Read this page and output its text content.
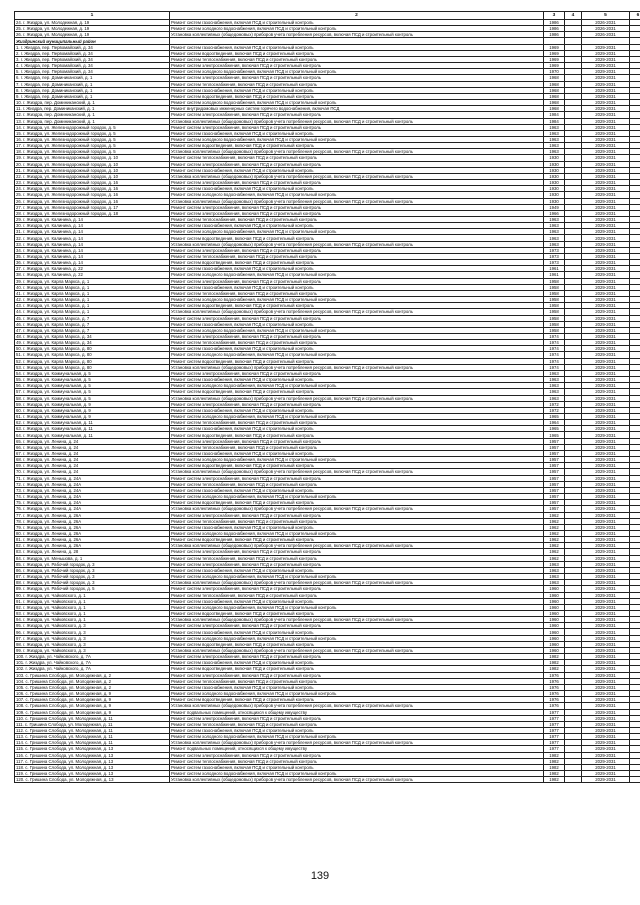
1	2	3	4	5	6
24. г. Жиздра, ул. Молодежная, д. 19	Ремонт систем газоснабжения, включая ПСД и строительный контроль	1986		2026-2031	
25. г. Жиздра, ул. Молодежная, д. 19	Ремонт систем холодного водоснабжения, включая ПСД и строительный контроль	1986		2026-2031	
26. г. Жиздра, ул. Молодежная, д. 19	Установка коллективных (общедомовых) приборов учета потребления ресурсов, включая ПСД и строительный контроль	1986		2026-2031	
Жиздринский муниципальный район					
1. г. Жиздра, пер. Первомайский, д. 34	Ремонт систем газоснабжения, включая ПСД и строительный контроль	1969		2029-2031	
2. г. Жиздра, пер. Первомайский, д. 34	Ремонт систем водоотведения, включая ПСД и строительный контроль	1969		2029-2031	
3. г. Жиздра, пер. Первомайский, д. 34	Ремонт систем теплоснабжения, включая ПСД и строительный контроль	1969		2029-2031	
4. г. Жиздра, пер. Первомайский, д. 34	Ремонт систем электроснабжения, включая ПСД и строительный контроль	1969		2029-2031	
5. г. Жиздра, пер. Первомайский, д. 34	Ремонт систем холодного водоснабжения, включая ПСД и строительный контроль	1970		2029-2031	
6. г. Жиздра, пер. Доминиканский, д. 1	Ремонт систем электроснабжения, включая ПСД и строительный контроль	1968		2029-2031	
7. г. Жиздра, пер. Доминиканский, д. 1	Ремонт систем теплоснабжения, включая ПСД и строительный контроль	1968		2029-2031	
8. г. Жиздра, пер. Доминиканский, д. 1	Ремонт систем газоснабжения, включая ПСД и строительный контроль	1968		2029-2031	
9. г. Жиздра, пер. Доминиканский, д. 1	Ремонт систем водоотведения, включая ПСД и строительный контроль	1968		2029-2031	
10. г. Жиздра, пер. Доминиканский, д. 1	Ремонт систем холодного водоснабжения, включая ПСД и строительный контроль	1968		2029-2031	
11. г. Жиздра, пер. Доминиканский, д. 1	Ремонт внутридомовых инженерных систем горячего водоснабжения, включая ПСД	1968		2029-2031	
12. г. Жиздра, пер. Доминиканский, д. 1	Ремонт систем электроснабжения, включая ПСД и строительный контроль	1984		2029-2031	
13. г. Жиздра, пер. Доминиканский, д. 1	Установка коллективных (общедомовых) приборов учета потребления ресурсов, включая ПСД и строительный контроль	1984		2029-2031	
14. г. Жиздра, ул. Железнодорожный городок, д. 5	Ремонт систем электроснабжения, включая ПСД и строительный контроль	1963		2029-2031	
15. г. Жиздра, ул. Железнодорожный городок, д. 5	Ремонт систем газоснабжения, включая ПСД и строительный контроль	1963		2029-2031	
16. г. Жиздра, ул. Железнодорожный городок, д. 5	Ремонт систем холодного водоснабжения, включая ПСД и строительный контроль	1963		2029-2031	
17. г. Жиздра, ул. Железнодорожный городок, д. 5	Ремонт систем водоотведения, включая ПСД и строительный контроль	1963		2029-2031	
18. г. Жиздра, ул. Железнодорожный городок, д. 5	Установка коллективных (общедомовых) приборов учета потребления ресурсов, включая ПСД и строительный контроль	1963		2029-2031	
19. г. Жиздра, ул. Железнодорожный городок, д. 10	Ремонт систем теплоснабжения, включая ПСД и строительный контроль	1930		2029-2031	
20. г. Жиздра, ул. Железнодорожный городок, д. 10	Ремонт систем электроснабжения, включая ПСД и строительный контроль	1930		2029-2031	
21. г. Жиздра, ул. Железнодорожный городок, д. 10	Ремонт систем газоснабжения, включая ПСД и строительный контроль	1930		2029-2031	
22. г. Жиздра, ул. Железнодорожный городок, д. 10	Установка коллективных (общедомовых) приборов учета потребления ресурсов, включая ПСД и строительный контроль	1930		2029-2031	
23. г. Жиздра, ул. Железнодорожный городок, д. 16	Ремонт систем электроснабжения, включая ПСД и строительный контроль	1930		2029-2031	
24. г. Жиздра, ул. Железнодорожный городок, д. 16	Ремонт систем газоснабжения, включая ПСД и строительный контроль	1930		2029-2031	
25. г. Жиздра, ул. Железнодорожный городок, д. 16	Ремонт систем холодного водоснабжения, включая ПСД и строительный контроль	1930		2029-2031	
26. г. Жиздра, ул. Железнодорожный городок, д. 16	Установка коллективных (общедомовых) приборов учета потребления ресурсов, включая ПСД и строительный контроль	1930		2029-2031	
27. г. Жиздра, ул. Железнодорожный городок, д. 17	Ремонт систем электроснабжения, включая ПСД и строительный контроль	1949		2029-2031	
28. г. Жиздра, ул. Железнодорожный городок, д. 18	Ремонт систем электроснабжения, включая ПСД и строительный контроль	1966		2029-2031	
29. г. Жиздра, ул. Калинина, д. 14	Ремонт систем теплоснабжения, включая ПСД и строительный контроль	1963		2029-2031	
30. г. Жиздра, ул. Калинина, д. 14	Ремонт систем газоснабжения, включая ПСД и строительный контроль	1963		2029-2031	
31. г. Жиздра, ул. Калинина, д. 14	Ремонт систем холодного водоснабжения, включая ПСД и строительный контроль	1963		2029-2031	
32. г. Жиздра, ул. Калинина, д. 14	Ремонт систем водоотведения, включая ПСД и строительный контроль	1963		2029-2031	
33. г. Жиздра, ул. Калинина, д. 14	Установка коллективных (общедомовых) приборов учета потребления ресурсов, включая ПСД и строительный контроль	1963		2029-2031	
34. г. Жиздра, ул. Калинина, д. 14	Ремонт систем электроснабжения, включая ПСД и строительный контроль	1973		2029-2031	
35. г. Жиздра, ул. Калинина, д. 14	Ремонт систем теплоснабжения, включая ПСД и строительный контроль	1973		2029-2031	
36. г. Жиздра, ул. Калинина, д. 14	Ремонт систем водоотведения, включая ПСД и строительный контроль	1973		2029-2031	
37. г. Жиздра, ул. Калинина, д. 22	Ремонт систем газоснабжения, включая ПСД и строительный контроль	1961		2029-2031	
38. г. Жиздра, ул. Калинина, д. 22	Ремонт систем холодного водоснабжения, включая ПСД и строительный контроль	1961		2029-2031	
39. г. Жиздра, ул. Карла Маркса, д. 1	Ремонт систем электроснабжения, включая ПСД и строительный контроль	1958		2029-2031	
40. г. Жиздра, ул. Карла Маркса, д. 1	Ремонт систем газоснабжения, включая ПСД и строительный контроль	1958		2029-2031	
41. г. Жиздра, ул. Карла Маркса, д. 1	Ремонт систем теплоснабжения, включая ПСД и строительный контроль	1958		2029-2031	
42. г. Жиздра, ул. Карла Маркса, д. 1	Ремонт систем холодного водоснабжения, включая ПСД и строительный контроль	1958		2029-2031	
43. г. Жиздра, ул. Карла Маркса, д. 1	Ремонт систем водоотведения, включая ПСД и строительный контроль	1958		2029-2031	
44. г. Жиздра, ул. Карла Маркса, д. 1	Установка коллективных (общедомовых) приборов учета потребления ресурсов, включая ПСД и строительный контроль	1958		2029-2031	
45. г. Жиздра, ул. Карла Маркса, д. 7	Ремонт систем электроснабжения, включая ПСД и строительный контроль	1958		2029-2031	
46. г. Жиздра, ул. Карла Маркса, д. 7	Ремонт систем газоснабжения, включая ПСД и строительный контроль	1958		2029-2031	
47. г. Жиздра, ул. Карла Маркса, д. 7	Ремонт систем холодного водоснабжения, включая ПСД и строительный контроль	1958		2029-2031	
48. г. Жиздра, ул. Карла Маркса, д. 34	Ремонт систем электроснабжения, включая ПСД и строительный контроль	1974		2029-2031	
49. г. Жиздра, ул. Карла Маркса, д. 34	Ремонт систем теплоснабжения, включая ПСД и строительный контроль	1974		2029-2031	
50. г. Жиздра, ул. Карла Маркса, д. 80	Ремонт систем газоснабжения, включая ПСД и строительный контроль	1974		2029-2031	
51. г. Жиздра, ул. Карла Маркса, д. 80	Ремонт систем холодного водоснабжения, включая ПСД и строительный контроль	1974		2029-2031	
52. г. Жиздра, ул. Карла Маркса, д. 80	Ремонт систем водоотведения, включая ПСД и строительный контроль	1974		2029-2031	
53. г. Жиздра, ул. Карла Маркса, д. 80	Установка коллективных (общедомовых) приборов учета потребления ресурсов, включая ПСД и строительный контроль	1974		2029-2031	
54. г. Жиздра, ул. Коммунальная, д. 5	Ремонт систем электроснабжения, включая ПСД и строительный контроль	1963		2029-2031	
55. г. Жиздра, ул. Коммунальная, д. 5	Ремонт систем газоснабжения, включая ПСД и строительный контроль	1963		2029-2031	
56. г. Жиздра, ул. Коммунальная, д. 5	Ремонт систем холодного водоснабжения, включая ПСД и строительный контроль	1963		2029-2031	
57. г. Жиздра, ул. Коммунальная, д. 5	Ремонт систем водоотведения, включая ПСД и строительный контроль	1963		2029-2031	
58. г. Жиздра, ул. Коммунальная, д. 5	Установка коллективных (общедомовых) приборов учета потребления ресурсов, включая ПСД и строительный контроль	1963		2029-2031	
59. г. Жиздра, ул. Коммунальная, д. 9	Ремонт систем электроснабжения, включая ПСД и строительный контроль	1972		2029-2031	
60. г. Жиздра, ул. Коммунальная, д. 9	Ремонт систем газоснабжения, включая ПСД и строительный контроль	1972		2029-2031	
61. г. Жиздра, ул. Коммунальная, д. 9	Ремонт систем холодного водоснабжения, включая ПСД и строительный контроль	1965		2029-2031	
62. г. Жиздра, ул. Коммунальная, д. 11	Ремонт систем теплоснабжения, включая ПСД и строительный контроль	1964		2029-2031	
63. г. Жиздра, ул. Коммунальная, д. 11	Ремонт систем газоснабжения, включая ПСД и строительный контроль	1965		2029-2031	
64. г. Жиздра, ул. Коммунальная, д. 11	Ремонт систем водоотведения, включая ПСД и строительный контроль	1965		2029-2031	
65. г. Жиздра, ул. Ленина, д. 24	Ремонт систем электроснабжения, включая ПСД и строительный контроль	1957		2029-2031	
66. г. Жиздра, ул. Ленина, д. 24	Ремонт систем теплоснабжения, включая ПСД и строительный контроль	1957		2029-2031	
67. г. Жиздра, ул. Ленина, д. 24	Ремонт систем газоснабжения, включая ПСД и строительный контроль	1957		2029-2031	
68. г. Жиздра, ул. Ленина, д. 24	Ремонт систем холодного водоснабжения, включая ПСД и строительный контроль	1957		2029-2031	
69. г. Жиздра, ул. Ленина, д. 24	Ремонт систем водоотведения, включая ПСД и строительный контроль	1957		2029-2031	
70. г. Жиздра, ул. Ленина, д. 24	Установка коллективных (общедомовых) приборов учета потребления ресурсов, включая ПСД и строительный контроль	1957		2029-2031	
71. г. Жиздра, ул. Ленина, д. 24А	Ремонт систем электроснабжения, включая ПСД и строительный контроль	1957		2029-2031	
72. г. Жиздра, ул. Ленина, д. 24А	Ремонт систем теплоснабжения, включая ПСД и строительный контроль	1957		2029-2031	
73. г. Жиздра, ул. Ленина, д. 24А	Ремонт систем газоснабжения, включая ПСД и строительный контроль	1957		2029-2031	
74. г. Жиздра, ул. Ленина, д. 24А	Ремонт систем холодного водоснабжения, включая ПСД и строительный контроль	1957		2029-2031	
75. г. Жиздра, ул. Ленина, д. 24А	Ремонт систем водоотведения, включая ПСД и строительный контроль	1957		2029-2031	
76. г. Жиздра, ул. Ленина, д. 24А	Установка коллективных (общедомовых) приборов учета потребления ресурсов, включая ПСД и строительный контроль	1957		2029-2031	
77. г. Жиздра, ул. Ленина, д. 26А	Ремонт систем электроснабжения, включая ПСД и строительный контроль	1962		2029-2031	
78. г. Жиздра, ул. Ленина, д. 26А	Ремонт систем теплоснабжения, включая ПСД и строительный контроль	1962		2029-2031	
79. г. Жиздра, ул. Ленина, д. 26А	Ремонт систем газоснабжения, включая ПСД и строительный контроль	1962		2029-2031	
80. г. Жиздра, ул. Ленина, д. 26А	Ремонт систем холодного водоснабжения, включая ПСД и строительный контроль	1962		2029-2031	
81. г. Жиздра, ул. Ленина, д. 26А	Ремонт систем водоотведения, включая ПСД и строительный контроль	1962		2029-2031	
82. г. Жиздра, ул. Ленина, д. 26А	Установка коллективных (общедомовых) приборов учета потребления ресурсов, включая ПСД и строительный контроль	1962		2029-2031	
83. г. Жиздра, ул. Ленина, д. 28	Ремонт систем электроснабжения, включая ПСД и строительный контроль	1962		2029-2031	
84. г. Жиздра, ул. Меньшова, д. 1	Ремонт систем теплоснабжения, включая ПСД и строительный контроль	1962		2029-2031	
85. г. Жиздра, ул. Рабочий городок, д. 3	Ремонт систем электроснабжения, включая ПСД и строительный контроль	1963		2029-2031	
86. г. Жиздра, ул. Рабочий городок, д. 3	Ремонт систем газоснабжения, включая ПСД и строительный контроль	1963		2029-2031	
87. г. Жиздра, ул. Рабочий городок, д. 3	Ремонт систем холодного водоснабжения, включая ПСД и строительный контроль	1963		2029-2031	
88. г. Жиздра, ул. Рабочий городок, д. 3	Установка коллективных (общедомовых) приборов учета потребления ресурсов, включая ПСД и строительный контроль	1963		2029-2031	
89. г. Жиздра, ул. Рабочий городок, д. 5	Ремонт систем электроснабжения, включая ПСД и строительный контроль	1960		2029-2031	
90. г. Жиздра, ул. Чайковского, д. 1	Ремонт систем теплоснабжения, включая ПСД и строительный контроль	1960		2029-2031	
91. г. Жиздра, ул. Чайковского, д. 1	Ремонт систем газоснабжения, включая ПСД и строительный контроль	1960		2029-2031	
92. г. Жиздра, ул. Чайковского, д. 1	Ремонт систем холодного водоснабжения, включая ПСД и строительный контроль	1960		2029-2031	
93. г. Жиздра, ул. Чайковского, д. 1	Ремонт систем водоотведения, включая ПСД и строительный контроль	1960		2029-2031	
94. г. Жиздра, ул. Чайковского, д. 1	Установка коллективных (общедомовых) приборов учета потребления ресурсов, включая ПСД и строительный контроль	1960		2029-2031	
95. г. Жиздра, ул. Чайковского, д. 3	Ремонт систем электроснабжения, включая ПСД и строительный контроль	1960		2029-2031	
96. г. Жиздра, ул. Чайковского, д. 3	Ремонт систем газоснабжения, включая ПСД и строительный контроль	1960		2029-2031	
97. г. Жиздра, ул. Чайковского, д. 3	Ремонт систем холодного водоснабжения, включая ПСД и строительный контроль	1960		2029-2031	
98. г. Жиздра, ул. Чайковского, д. 3	Ремонт систем водоотведения, включая ПСД и строительный контроль	1960		2029-2031	
99. г. Жиздра, ул. Чайковского, д. 3	Установка коллективных (общедомовых) приборов учета потребления ресурсов, включая ПСД и строительный контроль	1960		2029-2031	
100. г. Жиздра, ул. Чайковского, д. 7А	Ремонт систем электроснабжения, включая ПСД и строительный контроль	1982		2029-2031	
101. г. Жиздра, ул. Чайковского, д. 7А	Ремонт систем газоснабжения, включая ПСД и строительный контроль	1982		2029-2031	
102. г. Жиздра, ул. Чайковского, д. 7А	Ремонт систем водоотведения, включая ПСД и строительный контроль	1982		2029-2031	
103. с. Гришина Слобода, ул. Молодежная, д. 2	Ремонт систем электроснабжения, включая ПСД и строительный контроль	1976		2029-2031	
104. с. Гришина Слобода, ул. Молодежная, д. 2	Ремонт систем теплоснабжения, включая ПСД и строительный контроль	1976		2029-2031	
105. с. Гришина Слобода, ул. Молодежная, д. 2	Ремонт систем газоснабжения, включая ПСД и строительный контроль	1976		2029-2031	
106. с. Гришина Слобода, ул. Молодежная, д. 9	Ремонт систем холодного водоснабжения, включая ПСД и строительный контроль	1976		2029-2031	
107. с. Гришина Слобода, ул. Молодежная, д. 9	Ремонт систем водоотведения, включая ПСД и строительный контроль	1976		2029-2031	
108. с. Гришина Слобода, ул. Молодежная, д. 9	Установка коллективных (общедомовых) приборов учета потребления ресурсов, включая ПСД и строительный контроль	1976		2029-2031	
109. с. Гришина Слобода, ул. Молодежная, д. 9	Ремонт подвальных помещений, относящихся к общему имуществу	1977		2029-2031	
110. с. Гришина Слобода, ул. Молодежная, д. 11	Ремонт систем электроснабжения, включая ПСД и строительный контроль	1977		2029-2031	
111. с. Гришина Слобода, ул. Молодежная, д. 11	Ремонт систем теплоснабжения, включая ПСД и строительный контроль	1977		2029-2031	
112. с. Гришина Слобода, ул. Молодежная, д. 11	Ремонт систем газоснабжения, включая ПСД и строительный контроль	1977		2029-2031	
113. с. Гришина Слобода, ул. Молодежная, д. 11	Ремонт систем холодного водоснабжения, включая ПСД и строительный контроль	1977		2029-2031	
114. с. Гришина Слобода, ул. Молодежная, д. 11	Установка коллективных (общедомовых) приборов учета потребления ресурсов, включая ПСД и строительный контроль	1977		2029-2031	
115. с. Гришина Слобода, ул. Молодежная, д. 13	Ремонт подвальных помещений, относящихся к общему имуществу	1977		2029-2031	
116. с. Гришина Слобода, ул. Молодежная, д. 13	Ремонт систем электроснабжения, включая ПСД и строительный контроль	1982		2029-2031	
117. с. Гришина Слобода, ул. Молодежная, д. 13	Ремонт систем теплоснабжения, включая ПСД и строительный контроль	1982		2029-2031	
118. с. Гришина Слобода, ул. Молодежная, д. 13	Ремонт систем газоснабжения, включая ПСД и строительный контроль	1982		2029-2031	
119. с. Гришина Слобода, ул. Молодежная, д. 13	Ремонт систем холодного водоснабжения, включая ПСД и строительный контроль	1982		2029-2031	
120. с. Гришина Слобода, ул. Молодежная, д. 13	Установка коллективных (общедомовых) приборов учета потребления ресурсов, включая ПСД и строительный контроль	1982		2029-2031	
139
